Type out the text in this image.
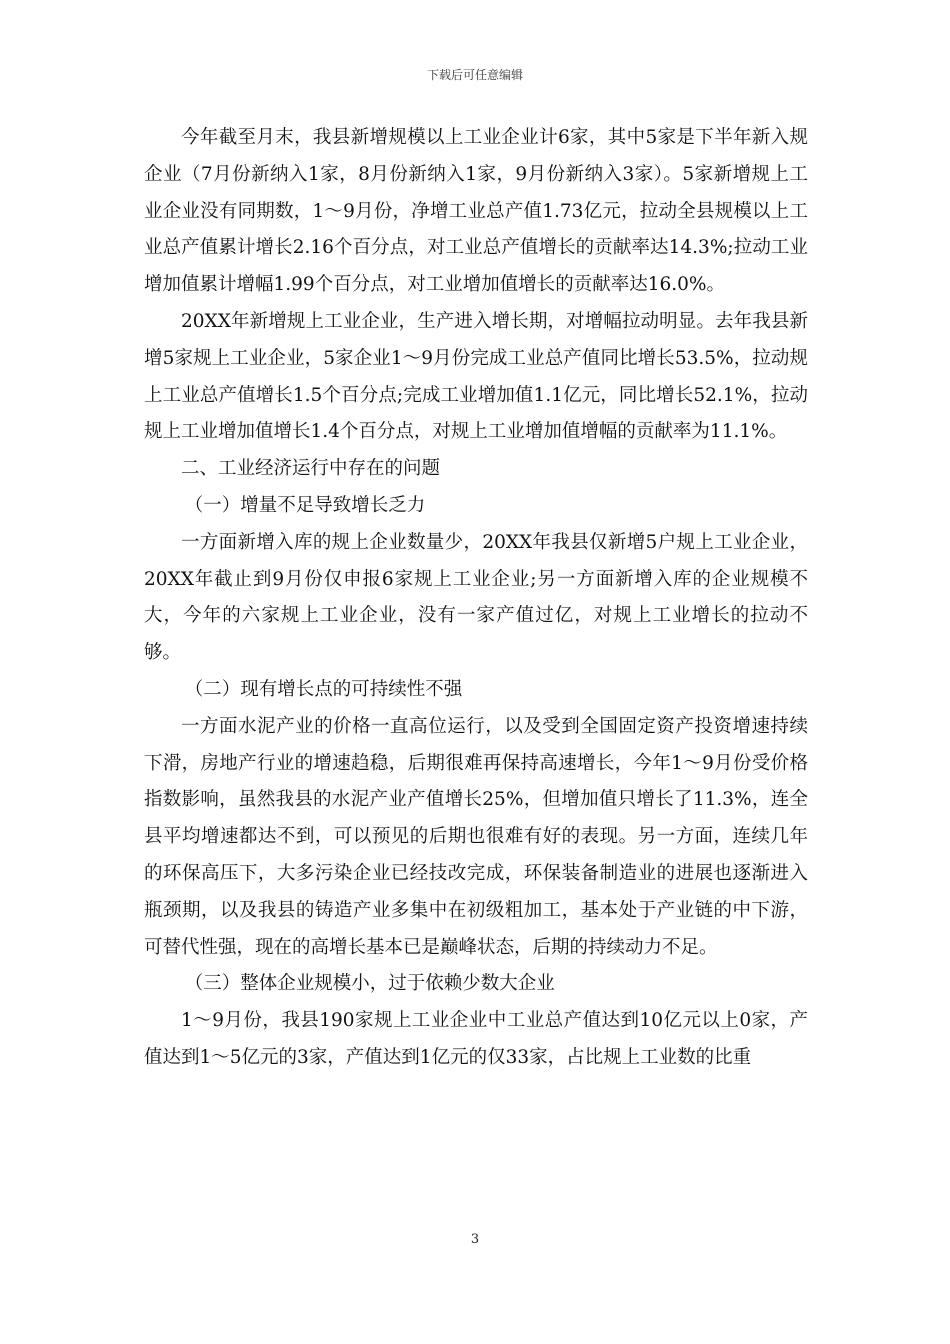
下载后可任意编辑

今年截至月末，我县新增规模以上工业企业计6家，其中5家是下半年新入规企业（7月份新纳入1家，8月份新纳入1家，9月份新纳入3家）。5家新增规上工业企业没有同期数，1～9月份，净增工业总产值1.73亿元，拉动全县规模以上工业总产值累计增长2.16个百分点，对工业总产值增长的贡献率达14.3%;拉动工业增加值累计增幅1.99个百分点，对工业增加值增长的贡献率达16.0%。

20XX年新增规上工业企业，生产进入增长期，对增幅拉动明显。去年我县新增5家规上工业企业，5家企业1～9月份完成工业总产值同比增长53.5%，拉动规上工业总产值增长1.5个百分点;完成工业增加值1.1亿元，同比增长52.1%，拉动规上工业增加值增长1.4个百分点，对规上工业增加值增幅的贡献率为11.1%。

二、工业经济运行中存在的问题

（一）增量不足导致增长乏力

一方面新增入库的规上企业数量少，20XX年我县仅新增5户规上工业企业，20XX年截止到9月份仅申报6家规上工业企业;另一方面新增入库的企业规模不大，今年的六家规上工业企业，没有一家产值过亿，对规上工业增长的拉动不够。

（二）现有增长点的可持续性不强

一方面水泥产业的价格一直高位运行，以及受到全国固定资产投资增速持续下滑，房地产行业的增速趋稳，后期很难再保持高速增长，今年1～9月份受价格指数影响，虽然我县的水泥产业产值增长25%，但增加值只增长了11.3%，连全县平均增速都达不到，可以预见的后期也很难有好的表现。另一方面，连续几年的环保高压下，大多污染企业已经技改完成，环保装备制造业的进展也逐渐进入瓶颈期，以及我县的铸造产业多集中在初级粗加工，基本处于产业链的中下游，可替代性强，现在的高增长基本已是巅峰状态，后期的持续动力不足。

（三）整体企业规模小，过于依赖少数大企业

1～9月份，我县190家规上工业企业中工业总产值达到10亿元以上0家，产值达到1～5亿元的3家，产值达到1亿元的仅33家，占比规上工业数的比重

3
